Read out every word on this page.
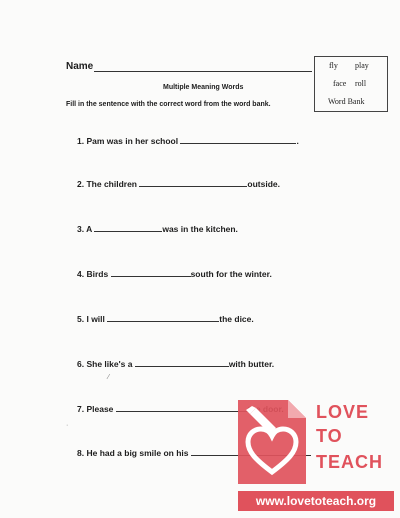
Name	fly play
face roll
Word Bank
Multiple Meaning Words
Fill in the sentence with the correct word from the word bank.
1. Pam was in her school	.
2. The children	outside.
3. A	was in the kitchen.
4. Birds	south for the winter.
5. I will	the dice.
6. She like's a	with butter.
7. Please
8. He had a big smile on his
⁄
·
LOVE
TO
TEACH
www.lovetoteach.org
